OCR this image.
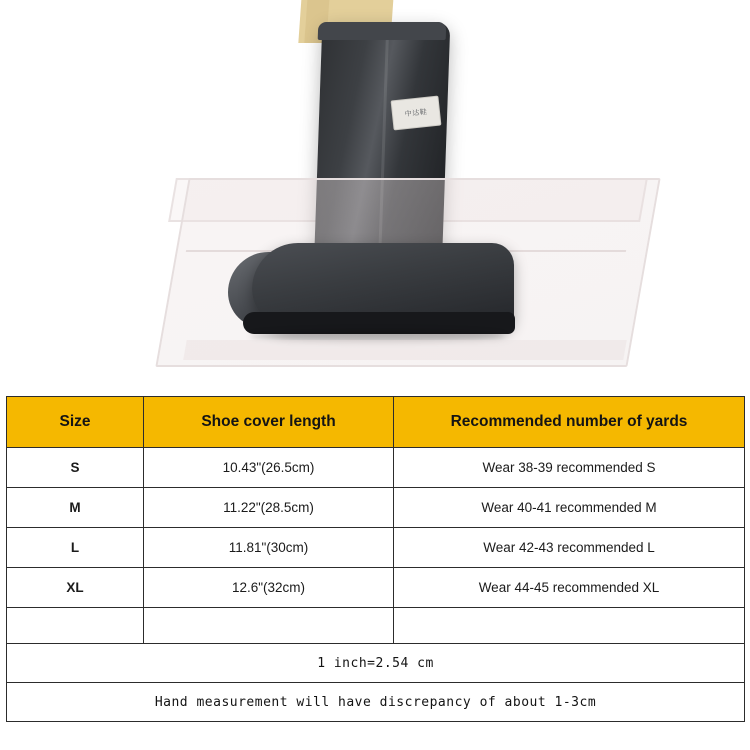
中达鞋
Size	Shoe cover length	Recommended number of yards
S	10.43"(26.5cm)	Wear 38-39 recommended S
M	11.22"(28.5cm)	Wear 40-41 recommended M
L	11.81"(30cm)	Wear 42-43 recommended L
XL	12.6"(32cm)	Wear 44-45 recommended XL

1 inch=2.54 cm		
Hand measurement will have discrepancy of about 1-3cm		
